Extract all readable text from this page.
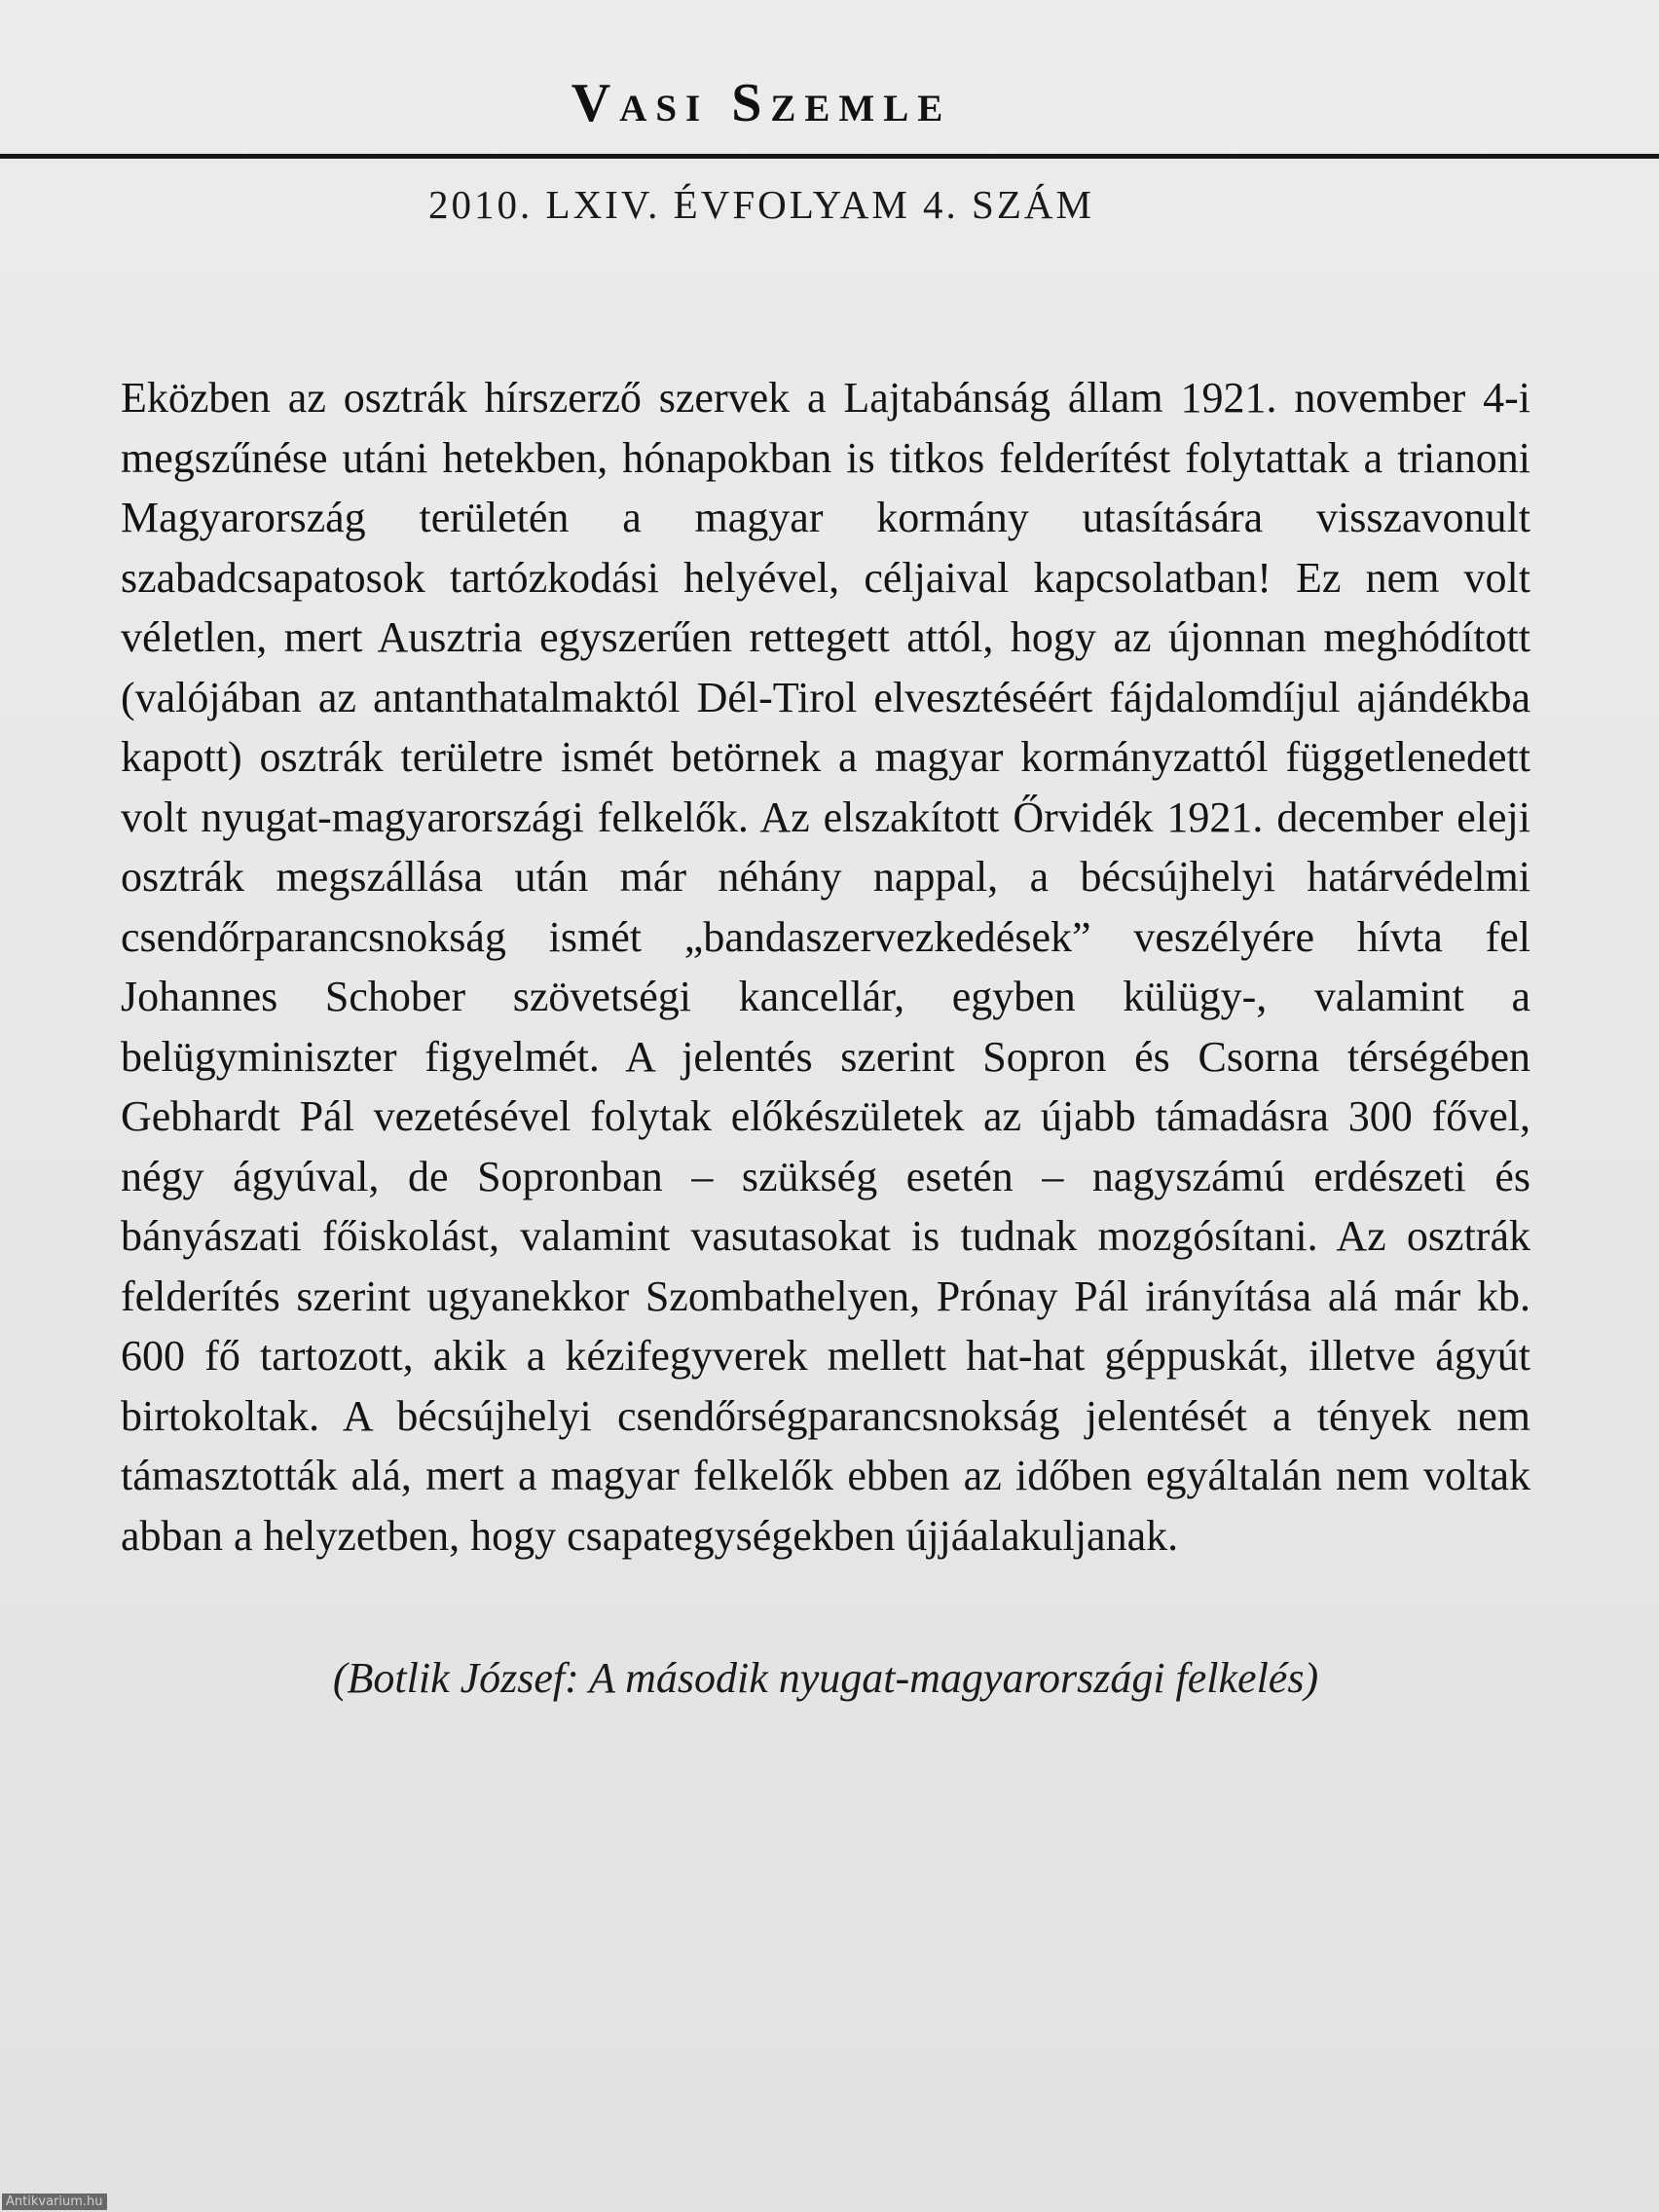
Vasi Szemle
2010. LXIV. ÉVFOLYAM 4. SZÁM
Eközben az osztrák hírszerző szervek a Lajtabánság állam 1921. november 4-i megszűnése utáni hetekben, hónapokban is titkos felderítést folytattak a trianoni Magyarország területén a magyar kormány utasítására visszavonult szabadcsapatosok tartózkodási helyével, céljaival kapcsolatban! Ez nem volt véletlen, mert Ausztria egyszerűen rettegett attól, hogy az újonnan meghódított (valójában az antanthatalmaktól Dél-Tirol elvesztéséért fájdalomdíjul ajándékba kapott) osztrák területre ismét betörnek a magyar kormányzattól függetlenedett volt nyugat-magyarországi felkelők. Az elszakított Őrvidék 1921. december eleji osztrák megszállása után már néhány nappal, a bécsújhelyi határvédelmi csendőrparancsnokság ismét „bandaszervezkedések” veszélyére hívta fel Johannes Schober szövetségi kancellár, egyben külügy-, valamint a belügyminiszter figyelmét. A jelentés szerint Sopron és Csorna térségében Gebhardt Pál vezetésével folytak előkészületek az újabb támadásra 300 fővel, négy ágyúval, de Sopronban – szükség esetén – nagyszámú erdészeti és bányászati főiskolást, valamint vasutasokat is tudnak mozgósítani. Az osztrák felderítés szerint ugyanekkor Szombathelyen, Prónay Pál irányítása alá már kb. 600 fő tartozott, akik a kézifegyverek mellett hat-hat géppuskát, illetve ágyút birtokoltak. A bécsújhelyi csendőrségparancsnokság jelentését a tények nem támasztották alá, mert a magyar felkelők ebben az időben egyáltalán nem voltak abban a helyzetben, hogy csapategységekben újjáalakuljanak.
(Botlik József: A második nyugat-magyarországi felkelés)
Antikvarium.hu
